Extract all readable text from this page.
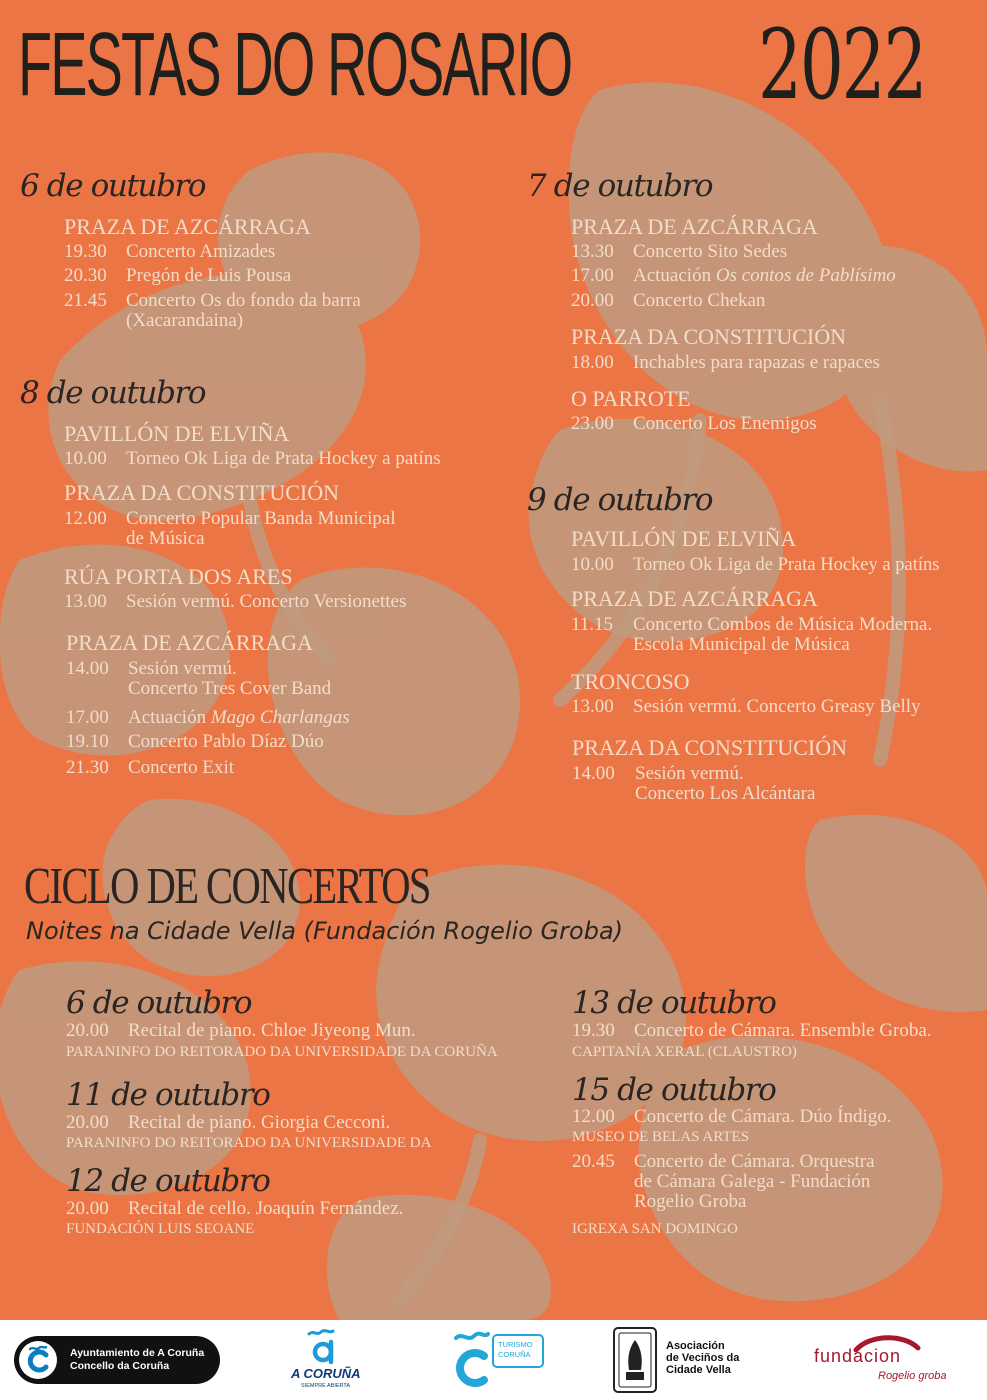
FESTAS DO ROSARIO 2022
6 de outubro
PRAZA DE AZCÁRRAGA
19.30 Concerto Amizades
20.30 Pregón de Luis Pousa
21.45 Concerto Os do fondo da barra
(Xacarandaina)
8 de outubro
PAVILLÓN DE ELVIÑA
10.00 Torneo Ok Liga de Prata Hockey a patíns
PRAZA DA CONSTITUCIÓN
12.00 Concerto Popular Banda Municipal
de Música
RÚA PORTA DOS ARES
13.00 Sesión vermú. Concerto Versionettes
PRAZA DE AZCÁRRAGA
14.00 Sesión vermú.
Concerto Tres Cover Band
17.00 Actuación Mago Charlangas
19.10 Concerto Pablo Díaz Dúo
21.30 Concerto Exit
7 de outubro
PRAZA DE AZCÁRRAGA
13.30 Concerto Sito Sedes
17.00 Actuación Os contos de Pablísimo
20.00 Concerto Chekan
PRAZA DA CONSTITUCIÓN
18.00 Inchables para rapazas e rapaces
O PARROTE
23.00 Concerto Los Enemigos
9 de outubro
PAVILLÓN DE ELVIÑA
10.00 Torneo Ok Liga de Prata Hockey a patíns
PRAZA DE AZCÁRRAGA
11.15 Concerto Combos de Música Moderna.
Escola Municipal de Música
TRONCOSO
13.00 Sesión vermú. Concerto Greasy Belly
PRAZA DA CONSTITUCIÓN
14.00 Sesión vermú.
Concerto Los Alcántara
CICLO DE CONCERTOS
Noites na Cidade Vella (Fundación Rogelio Groba)
6 de outubro
20.00 Recital de piano. Chloe Jiyeong Mun.
PARANINFO DO REITORADO DA UNIVERSIDADE DA CORUÑA
11 de outubro
20.00 Recital de piano. Giorgia Cecconi.
PARANINFO DO REITORADO DA UNIVERSIDADE DA
12 de outubro
20.00 Recital de cello. Joaquín Fernández.
FUNDACIÓN LUIS SEOANE
13 de outubro
19.30 Concerto de Cámara. Ensemble Groba.
CAPITANÍA XERAL (CLAUSTRO)
15 de outubro
12.00 Concerto de Cámara. Dúo Índigo.
MUSEO DE BELAS ARTES
20.45 Concerto de Cámara. Orquestra
de Cámara Galega - Fundación
Rogelio Groba
IGREXA SAN DOMINGO
Ayuntamiento de A Coruña
Concello da Coruña	A CORUÑA
SIEMPRE ABIERTA
TURISMO
CORUÑA
Asociación
de Veciños da
Cidade Vella
fundacion
Rogelio groba
